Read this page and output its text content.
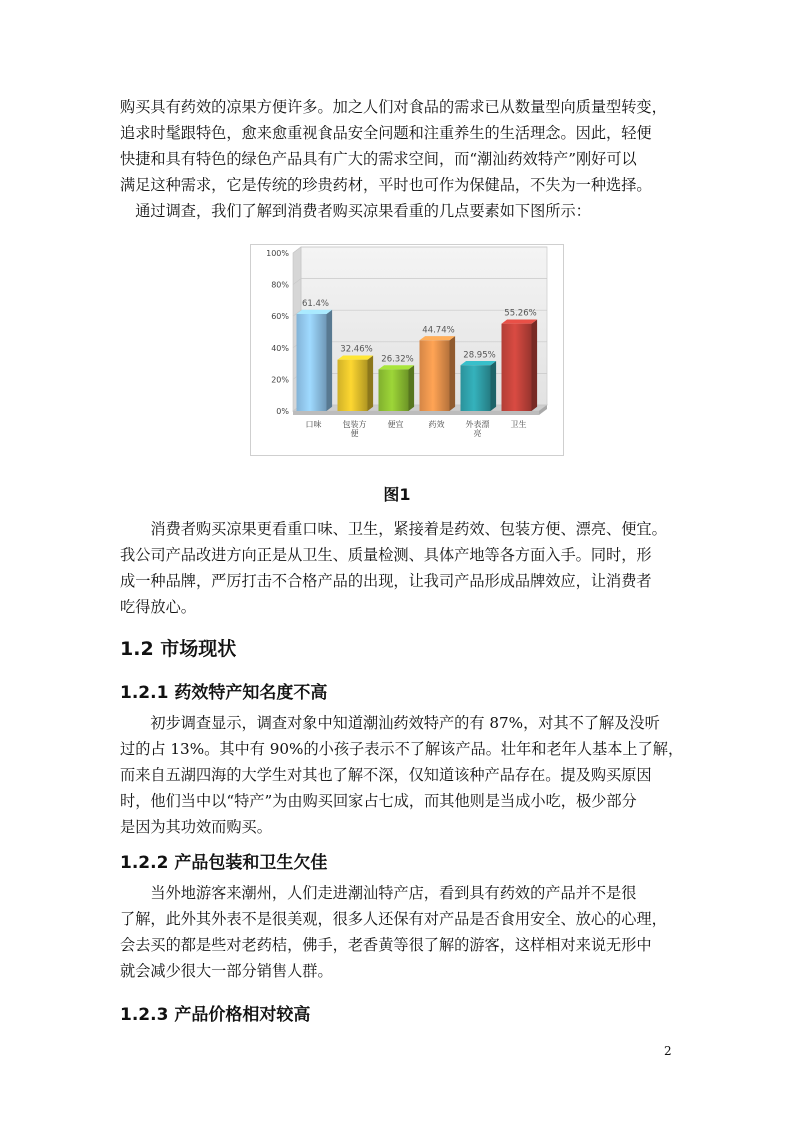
购买具有药效的凉果方便许多。加之人们对食品的需求已从数量型向质量型转变，
追求时髦跟特色，愈来愈重视食品安全问题和注重养生的生活理念。因此，轻便
快捷和具有特色的绿色产品具有广大的需求空间，而“潮汕药效特产”刚好可以
满足这种需求，它是传统的珍贵药材，平时也可作为保健品，不失为一种选择。
　通过调查，我们了解到消费者购买凉果看重的几点要素如下图所示：
0%
20%
40%
60%
80%
100%
61.4%
口味
32.46%
包装方
便
26.32%
便宜
44.74%
药效
28.95%
外表漂
亮
55.26%
卫生

图1

　　消费者购买凉果更看重口味、卫生，紧接着是药效、包装方便、漂亮、便宜。
我公司产品改进方向正是从卫生、质量检测、具体产地等各方面入手。同时，形
成一种品牌，严厉打击不合格产品的出现，让我司产品形成品牌效应，让消费者
吃得放心。

1.2 市场现状

1.2.1 药效特产知名度不高

　　初步调查显示，调查对象中知道潮汕药效特产的有 87%，对其不了解及没听
过的占 13%。其中有 90%的小孩子表示不了解该产品。壮年和老年人基本上了解，
而来自五湖四海的大学生对其也了解不深，仅知道该种产品存在。提及购买原因
时，他们当中以“特产”为由购买回家占七成，而其他则是当成小吃，极少部分
是因为其功效而购买。

1.2.2 产品包装和卫生欠佳

　　当外地游客来潮州，人们走进潮汕特产店，看到具有药效的产品并不是很
了解，此外其外表不是很美观，很多人还保有对产品是否食用安全、放心的心理，
会去买的都是些对老药桔，佛手，老香黄等很了解的游客，这样相对来说无形中
就会减少很大一部分销售人群。

1.2.3 产品价格相对较高

2
